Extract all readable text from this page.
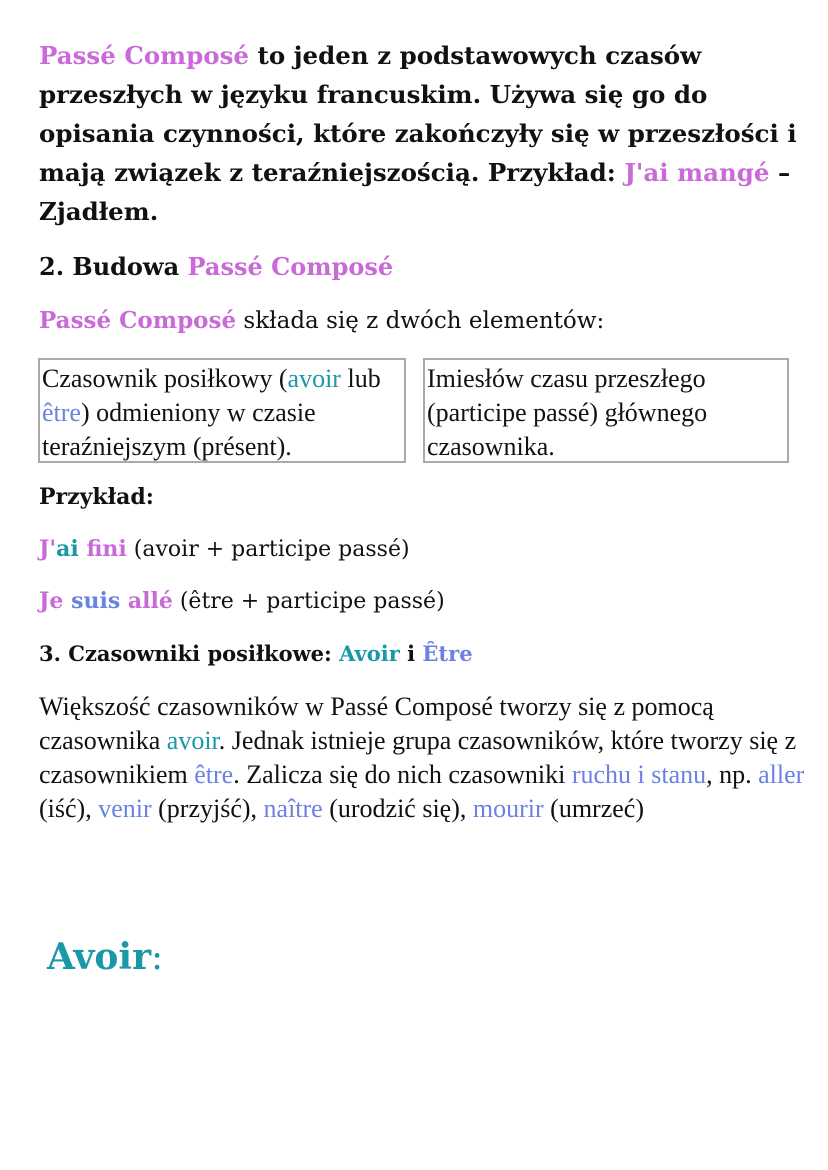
Passé Composé to jeden z podstawowych czasów przeszłych w języku francuskim. Używa się go do opisania czynności, które zakończyły się w przeszłości i mają związek z teraźniejszością. Przykład: J'ai mangé – Zjadłem.
2. Budowa Passé Composé
Passé Composé składa się z dwóch elementów:
Czasownik posiłkowy (avoir lub être) odmieniony w czasie teraźniejszym (présent).
Imiesłów czasu przeszłego (participe passé) głównego czasownika.
Przykład:
J'ai fini (avoir + participe passé)
Je suis allé (être + participe passé)
3. Czasowniki posiłkowe: Avoir i Être
Większość czasowników w Passé Composé tworzy się z pomocą czasownika avoir. Jednak istnieje grupa czasowników, które tworzy się z czasownikiem être. Zalicza się do nich czasowniki ruchu i stanu, np. aller (iść), venir (przyjść), naître (urodzić się), mourir (umrzeć)
Avoir:
